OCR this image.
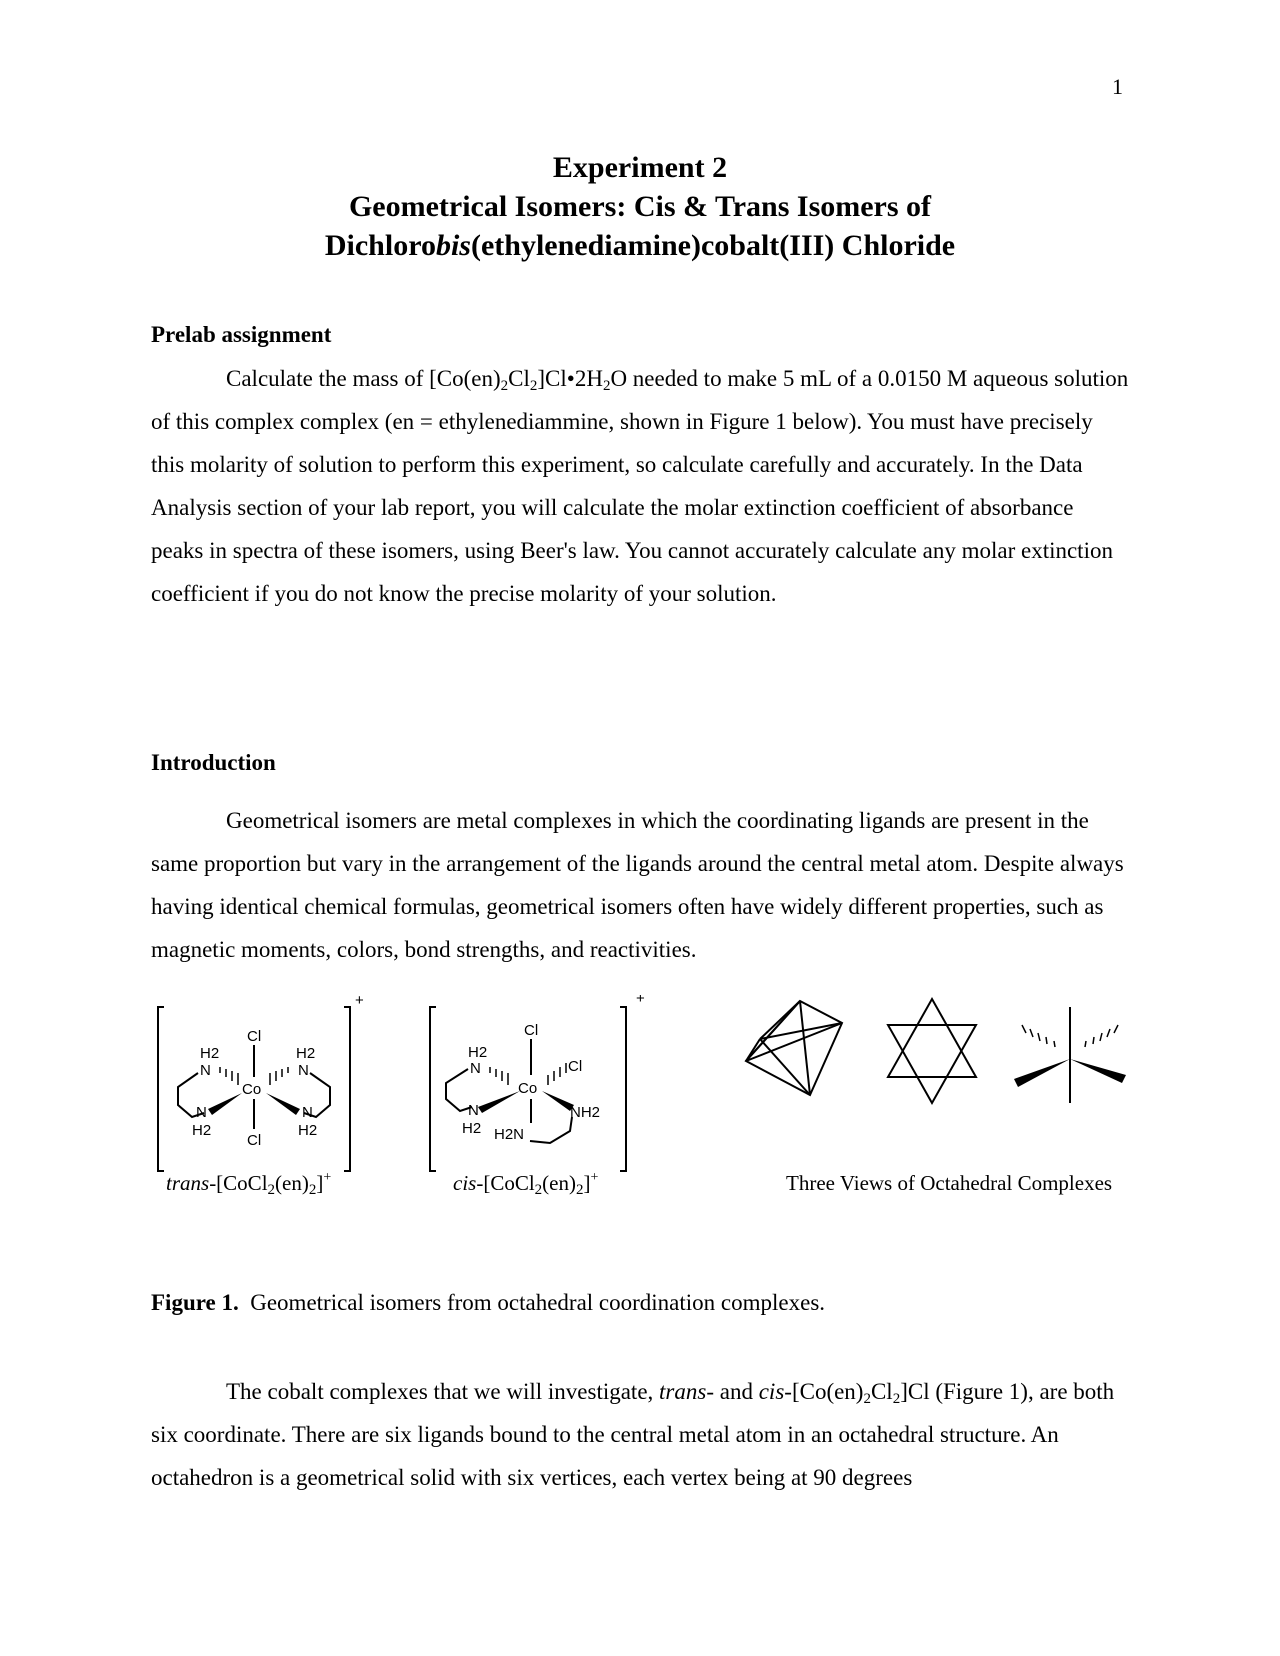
1
Experiment 2
Geometrical Isomers: Cis & Trans Isomers of
Dichlorobis(ethylenediamine)cobalt(III) Chloride
Prelab assignment

Calculate the mass of $[Co(en)_2Cl_2]Cl•2H_2O$ needed to make 5 mL of a 0.0150 M aqueous solution of this complex complex (en = ethylenediammine, shown in Figure 1 below). You must have precisely this molarity of solution to perform this experiment, so calculate carefully and accurately. In the Data Analysis section of your lab report, you will calculate the molar extinction coefficient of absorbance peaks in spectra of these isomers, using Beer's law. You cannot accurately calculate any molar extinction coefficient if you do not know the precise molarity of your solution.

Introduction

Geometrical isomers are metal complexes in which the coordinating ligands are present in the same proportion but vary in the arrangement of the ligands around the central metal atom. Despite always having identical chemical formulas, geometrical isomers often have widely different properties, such as magnetic moments, colors, bond strengths, and reactivities.

Cl
Co
Cl
H2	H2
N	N
N	N
H2	H2
+
Cl
Co
H2
N	Cl
N	NH2
H2 H2N
+
trans-$[CoCl_2(en)_2]^+$	cis-$[CoCl_2(en)_2]^+$	Three Views of Octahedral Complexes
Figure 1. Geometrical isomers from octahedral coordination complexes.

The cobalt complexes that we will investigate, trans- and cis-$[Co(en)_2Cl_2]Cl$ (Figure 1), are both six coordinate. There are six ligands bound to the central metal atom in an octahedral structure. An octahedron is a geometrical solid with six vertices, each vertex being at 90 degrees
